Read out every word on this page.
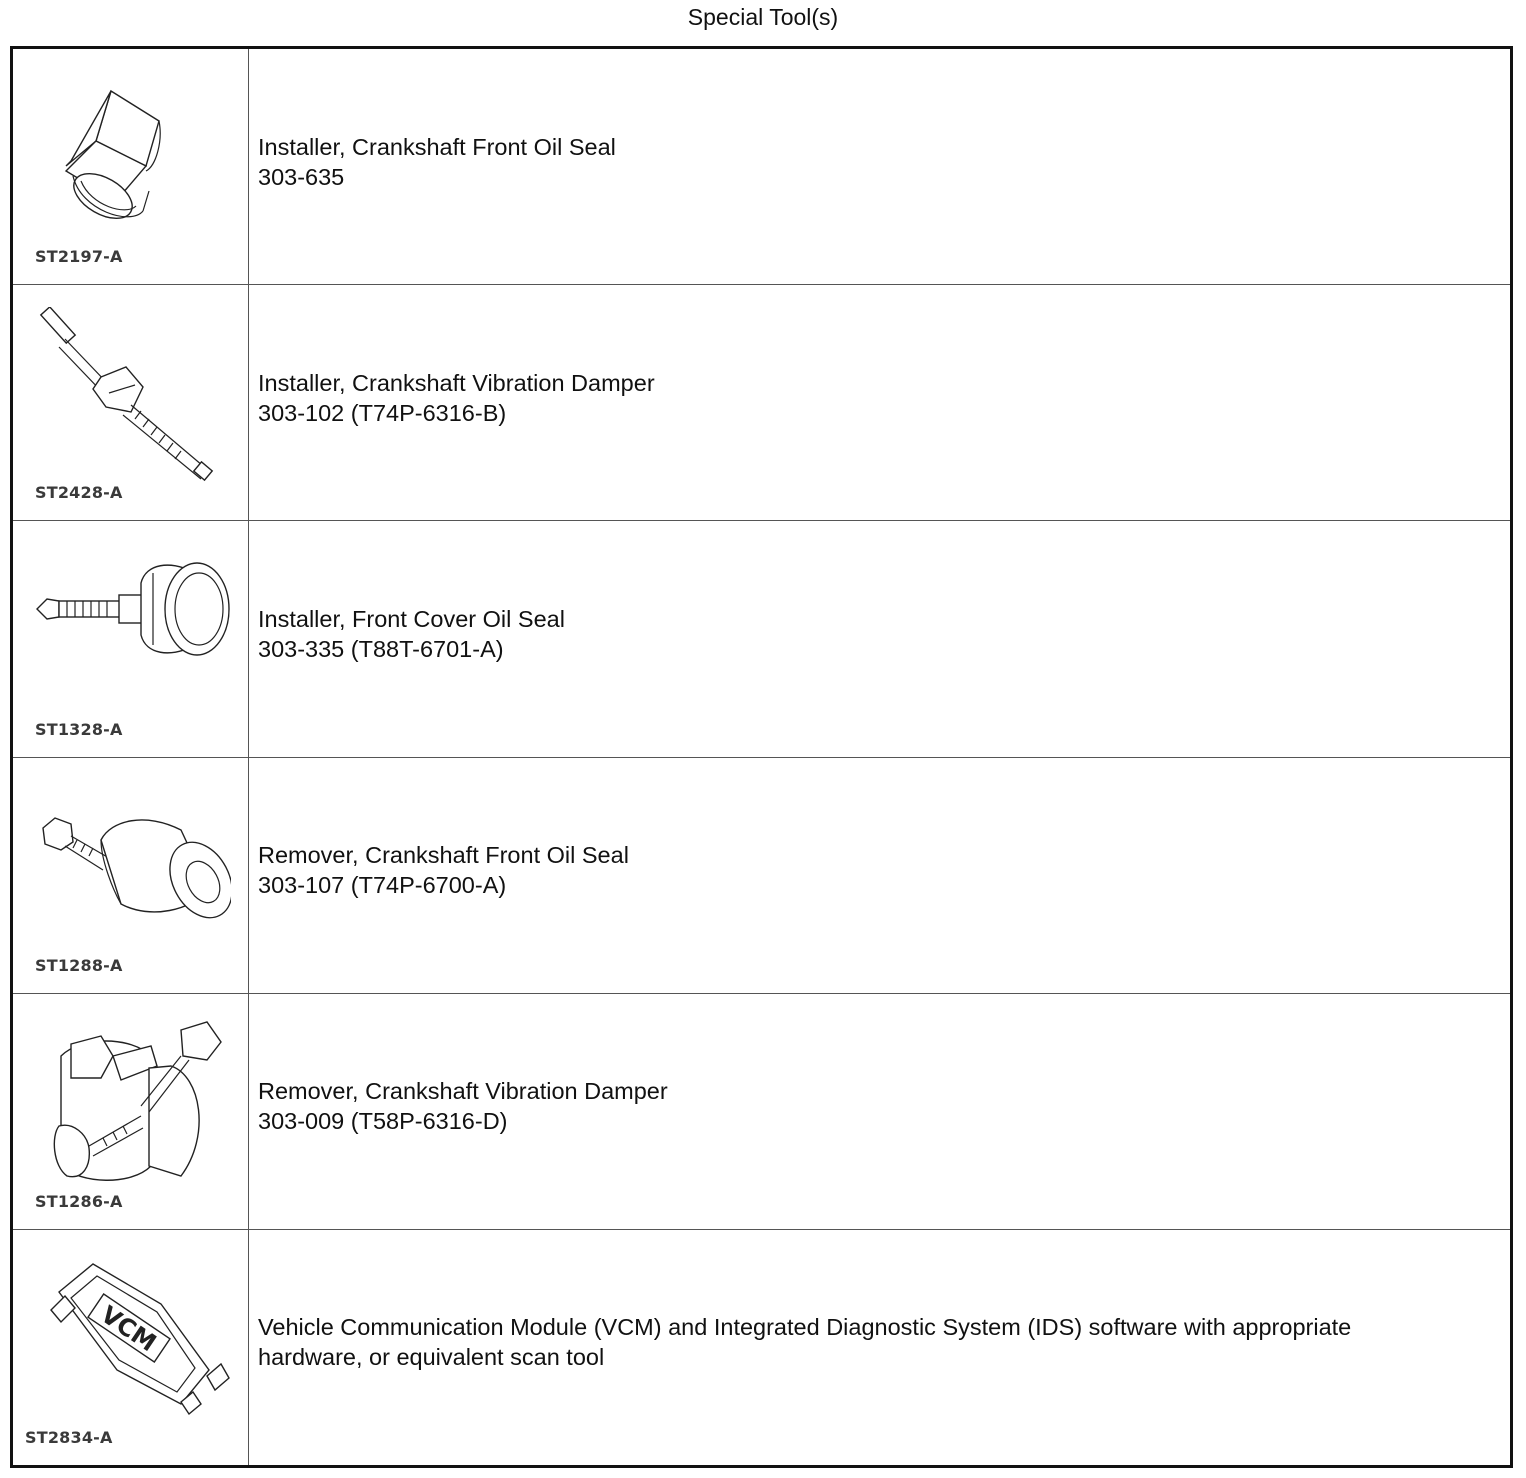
Special Tool(s)
ST2197-A
Installer, Crankshaft Front Oil Seal
303-635
ST2428-A
Installer, Crankshaft Vibration Damper
303-102 (T74P-6316-B)
ST1328-A
Installer, Front Cover Oil Seal
303-335 (T88T-6701-A)
ST1288-A
Remover, Crankshaft Front Oil Seal
303-107 (T74P-6700-A)
ST1286-A
Remover, Crankshaft Vibration Damper
303-009 (T58P-6316-D)
VCM
ST2834-A
Vehicle Communication Module (VCM) and Integrated Diagnostic System (IDS) software with appropriate hardware, or equivalent scan tool
